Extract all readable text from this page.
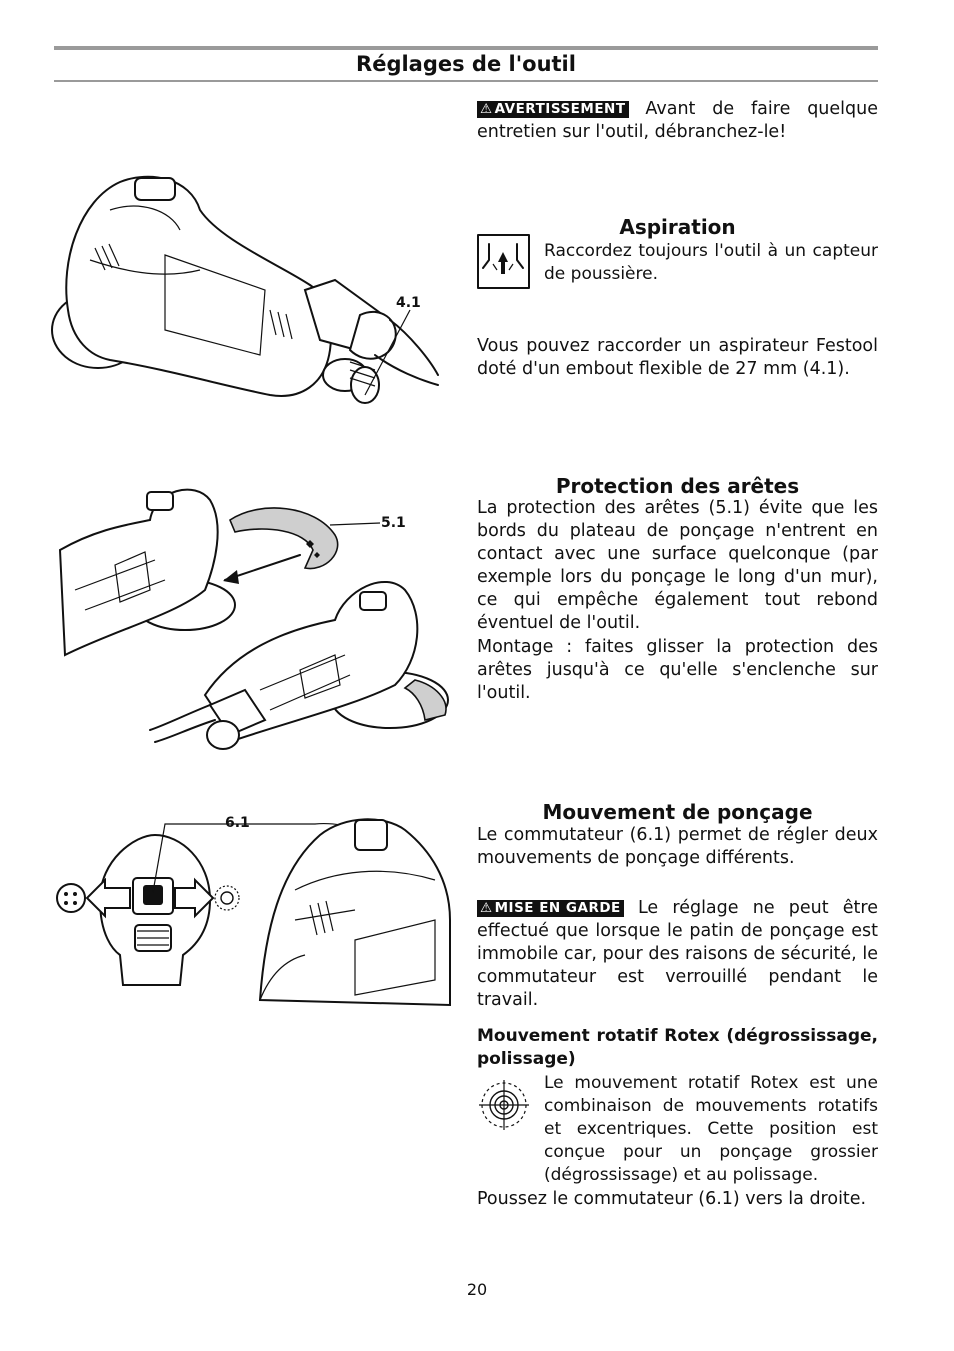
Réglages de l'outil
⚠ AVERTISSEMENT Avant de faire quelque entretien sur l'outil, débranchez-le!
Aspiration
Raccordez toujours l'outil à un capteur de poussière.
Vous pouvez raccorder un aspirateur Festool doté d'un embout flexible de 27 mm (4.1).
Protection des arêtes
La protection des arêtes (5.1) évite que les bords du plateau de ponçage n'entrent en contact avec une surface quelconque (par exemple lors du ponçage le long d'un mur), ce qui empêche également tout rebond éventuel de l'outil.
Montage : faites glisser la protection des arêtes jusqu'à ce qu'elle s'enclenche sur l'outil.
Mouvement de ponçage
Le commutateur (6.1) permet de régler deux mouvements de ponçage différents.
⚠ MISE EN GARDE Le réglage ne peut être effectué que lorsque le patin de ponçage est immobile car, pour des raisons de sécurité, le commutateur est verrouillé pendant le travail.
Mouvement rotatif Rotex (dégrossissage, polissage)
Le mouvement rotatif Rotex est une combinaison de mouvements rotatifs et excentriques. Cette position est conçue pour un ponçage grossier (dégrossissage) et au polissage.
Poussez le commutateur (6.1) vers la droite.
20
4.1
5.1
6.1
